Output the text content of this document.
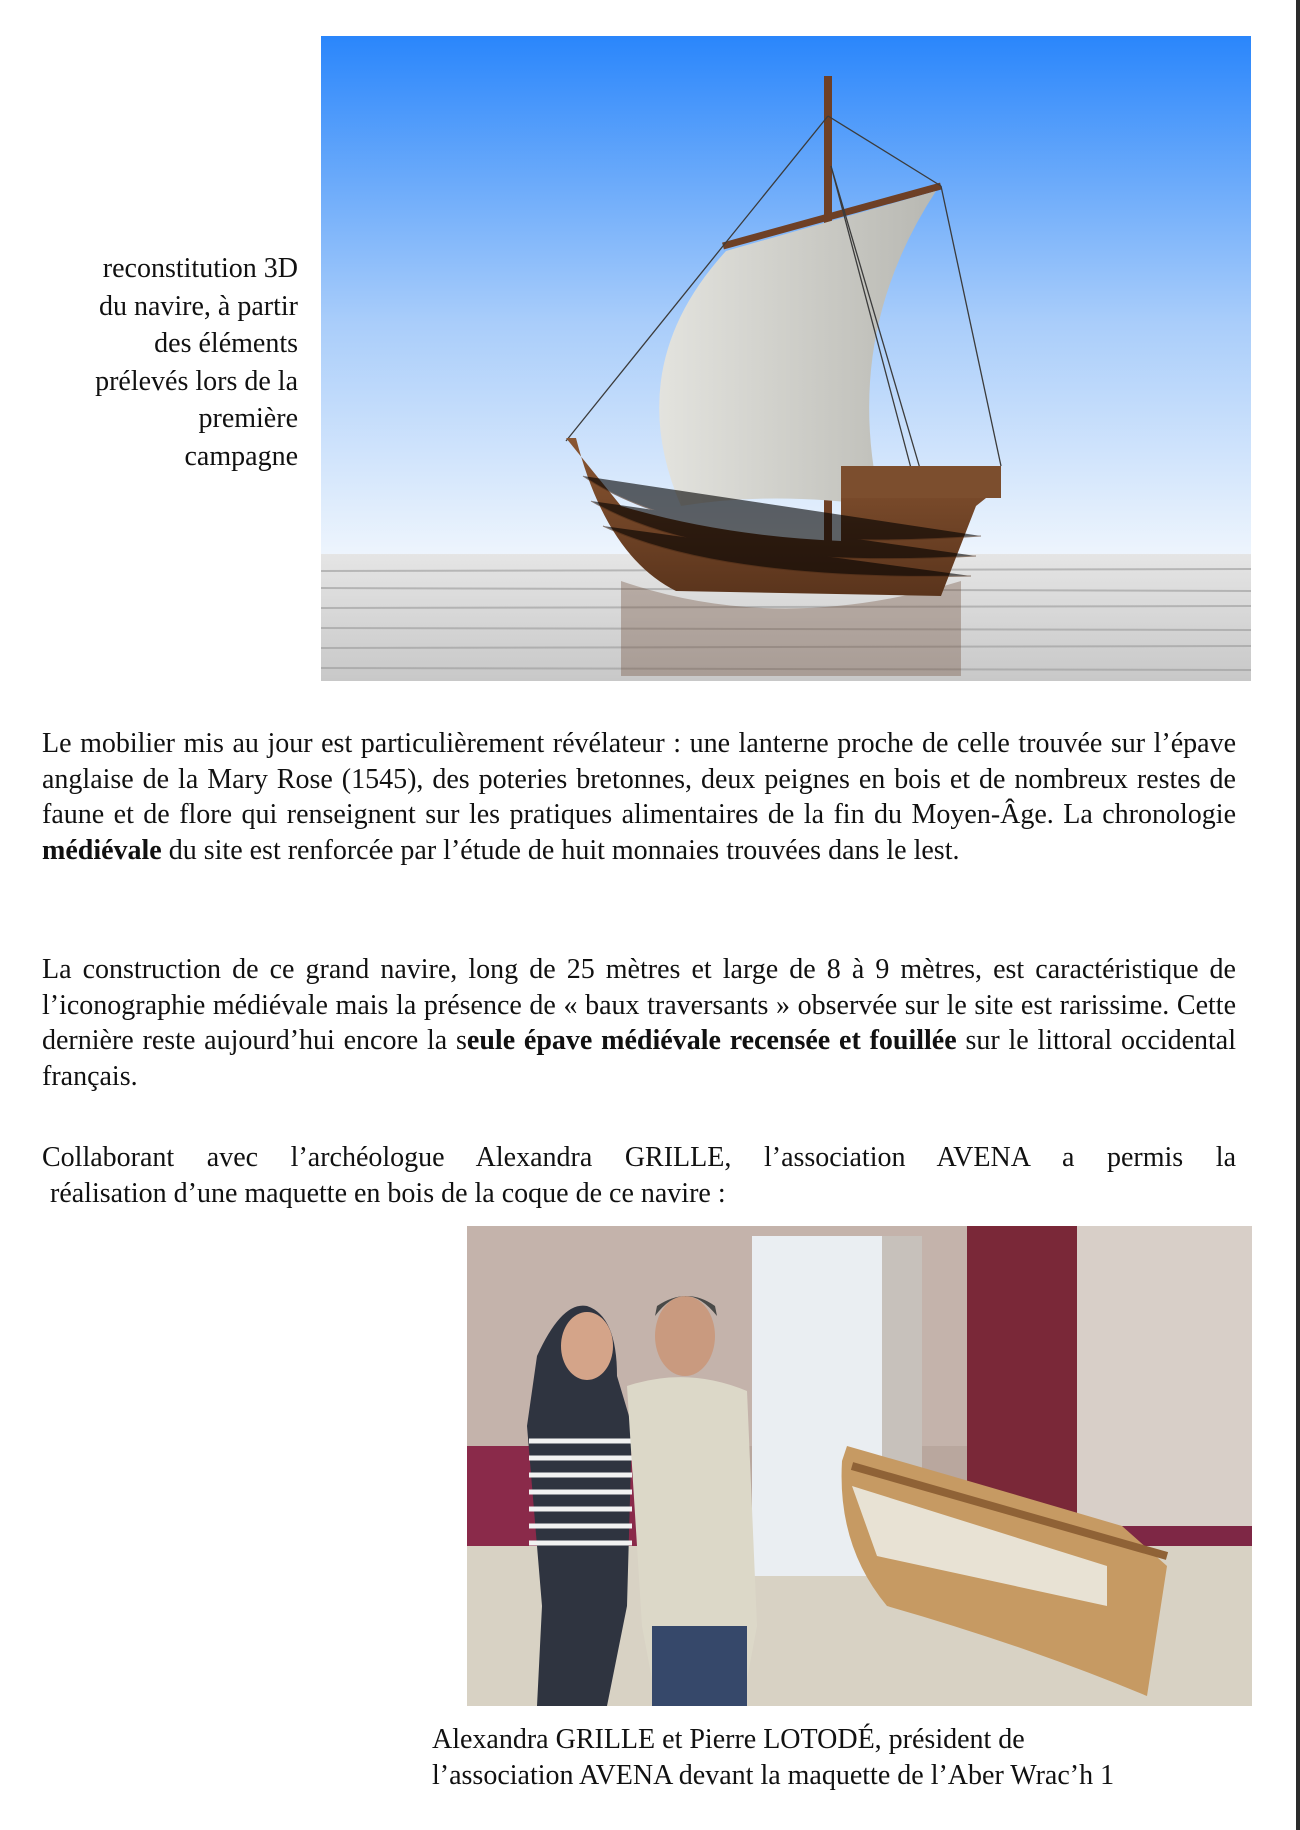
reconstitution 3D
du navire, à partir
des éléments
prélevés lors de la
première
campagne

Le mobilier mis au jour est particulièrement révélateur : une lanterne proche de celle trouvée sur l’épave anglaise de la Mary Rose (1545), des poteries bretonnes, deux peignes en bois et de nombreux restes de faune et de flore qui renseignent sur les pratiques alimentaires de la fin du Moyen-Âge. La chronologie médiévale du site est renforcée par l’étude de huit monnaies trouvées dans le lest.

La construction de ce grand navire, long de 25 mètres et large de 8 à 9 mètres, est caractéristique de l’iconographie médiévale mais la présence de « baux traversants » observée sur le site est rarissime. Cette dernière reste aujourd’hui encore la seule épave médiévale recensée et fouillée sur le littoral occidental français.

Collaborant avec l’archéologue Alexandra GRILLE, l’association AVENA a permis la
réalisation d’une maquette en bois de la coque de ce navire :

Alexandra GRILLE et Pierre LOTODÉ, président de
l’association AVENA devant la maquette de l’Aber Wrac’h 1
